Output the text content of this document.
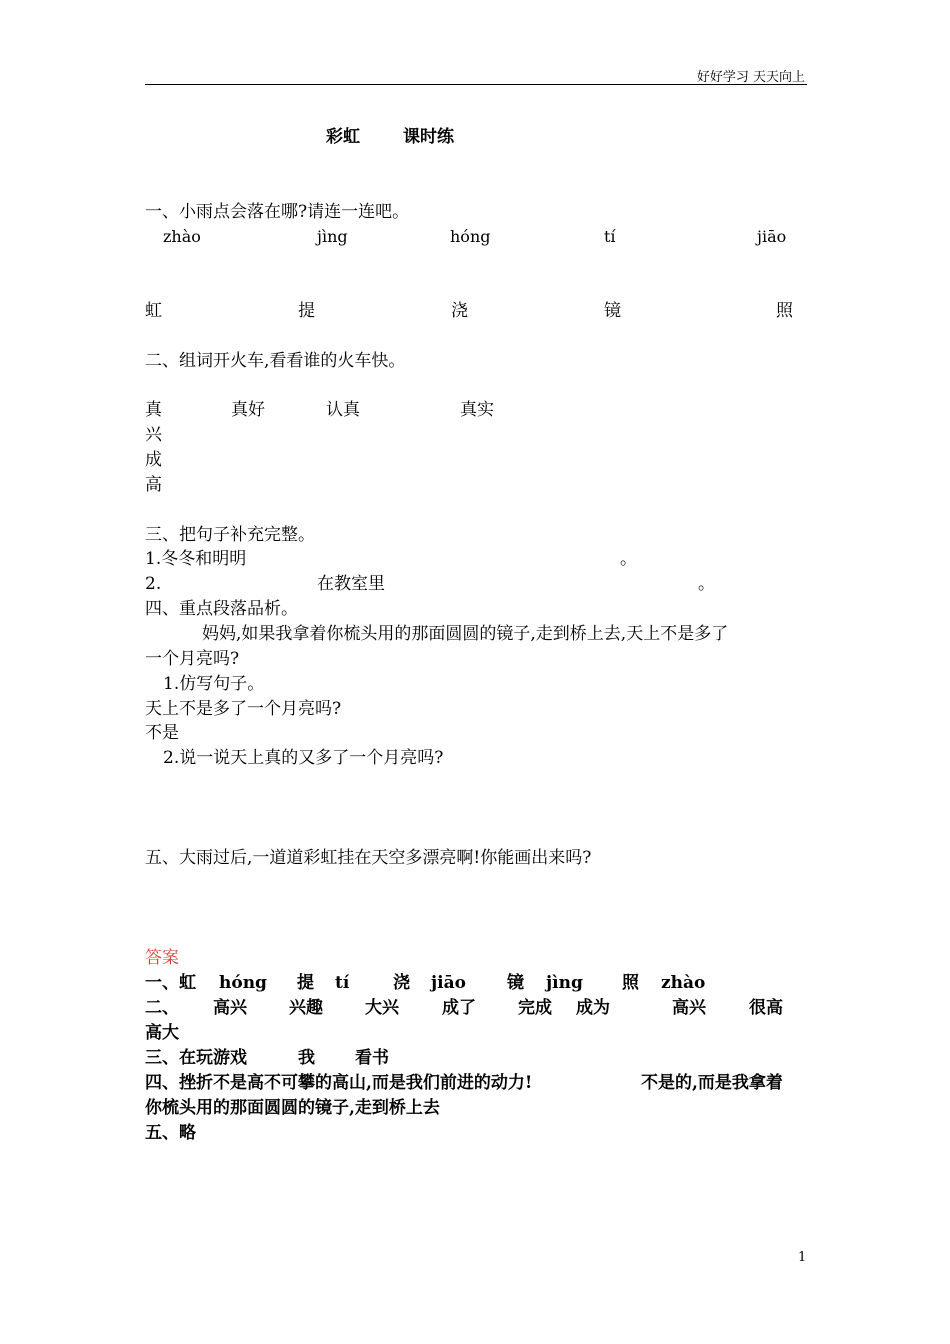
好好学习 天天向上
彩虹	课时练
一、小雨点会落在哪?请连一连吧。
zhào	jìng	hóng	tí	jiāo
虹	提	浇	镜	照
二、组词开火车,看看谁的火车快。
真	真好	认真	真实
兴
成
高
三、把句子补充完整。
1.冬冬和明明	。
2.	在教室里	。
四、重点段落品析。
妈妈,如果我拿着你梳头用的那面圆圆的镜子,走到桥上去,天上不是多了
一个月亮吗?
1.仿写句子。
天上不是多了一个月亮吗?
不是
2.说一说天上真的又多了一个月亮吗?
五、大雨过后,一道道彩虹挂在天空多漂亮啊!你能画出来吗?
答案
一、虹 hóng 提 tí	浇 jiāo 镜 jìng 照 zhào
二、 高兴 兴趣 大兴	成了 完成 成为	高兴	很高
高大
三、在玩游戏	我 看书
四、挫折不是高不可攀的高山,而是我们前进的动力!	不是的,而是我拿着
你梳头用的那面圆圆的镜子,走到桥上去
五、略
1
